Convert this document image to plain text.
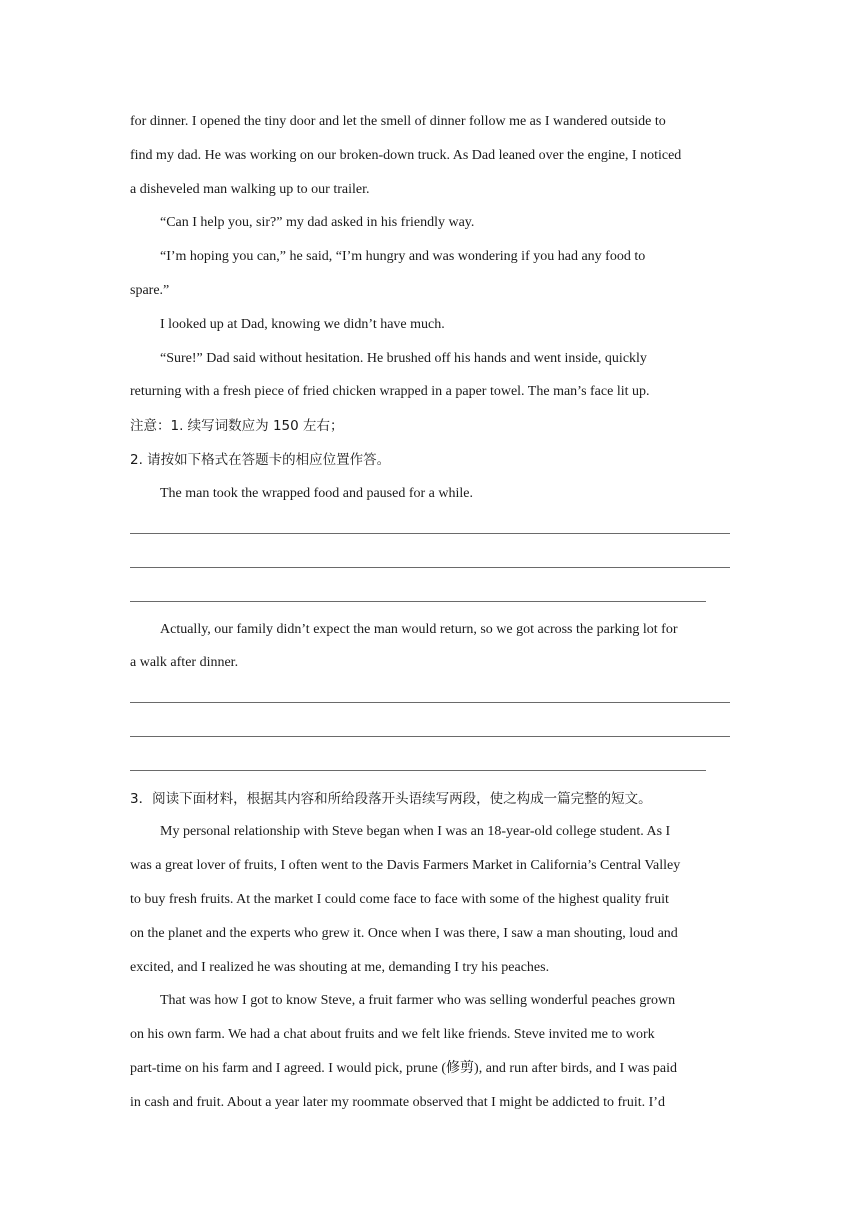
for dinner. I opened the tiny door and let the smell of dinner follow me as I wandered outside to
find my dad. He was working on our broken-down truck. As Dad leaned over the engine, I noticed
a disheveled man walking up to our trailer.
“Can I help you, sir?” my dad asked in his friendly way.
“I’m hoping you can,” he said, “I’m hungry and was wondering if you had any food to
spare.”
I looked up at Dad, knowing we didn’t have much.
“Sure!” Dad said without hesitation. He brushed off his hands and went inside, quickly
returning with a fresh piece of fried chicken wrapped in a paper towel. The man’s face lit up.
注意：1. 续写词数应为 150 左右；
2. 请按如下格式在答题卡的相应位置作答。
The man took the wrapped food and paused for a while.
Actually, our family didn’t expect the man would return, so we got across the parking lot for
a walk after dinner.
3．阅读下面材料，根据其内容和所给段落开头语续写两段，使之构成一篇完整的短文。
My personal relationship with Steve began when I was an 18-year-old college student. As I
was a great lover of fruits, I often went to the Davis Farmers Market in California’s Central Valley
to buy fresh fruits. At the market I could come face to face with some of the highest quality fruit
on the planet and the experts who grew it. Once when I was there, I saw a man shouting, loud and
excited, and I realized he was shouting at me, demanding I try his peaches.
That was how I got to know Steve, a fruit farmer who was selling wonderful peaches grown
on his own farm. We had a chat about fruits and we felt like friends. Steve invited me to work
part-time on his farm and I agreed. I would pick, prune (修剪), and run after birds, and I was paid
in cash and fruit. About a year later my roommate observed that I might be addicted to fruit. I’d
